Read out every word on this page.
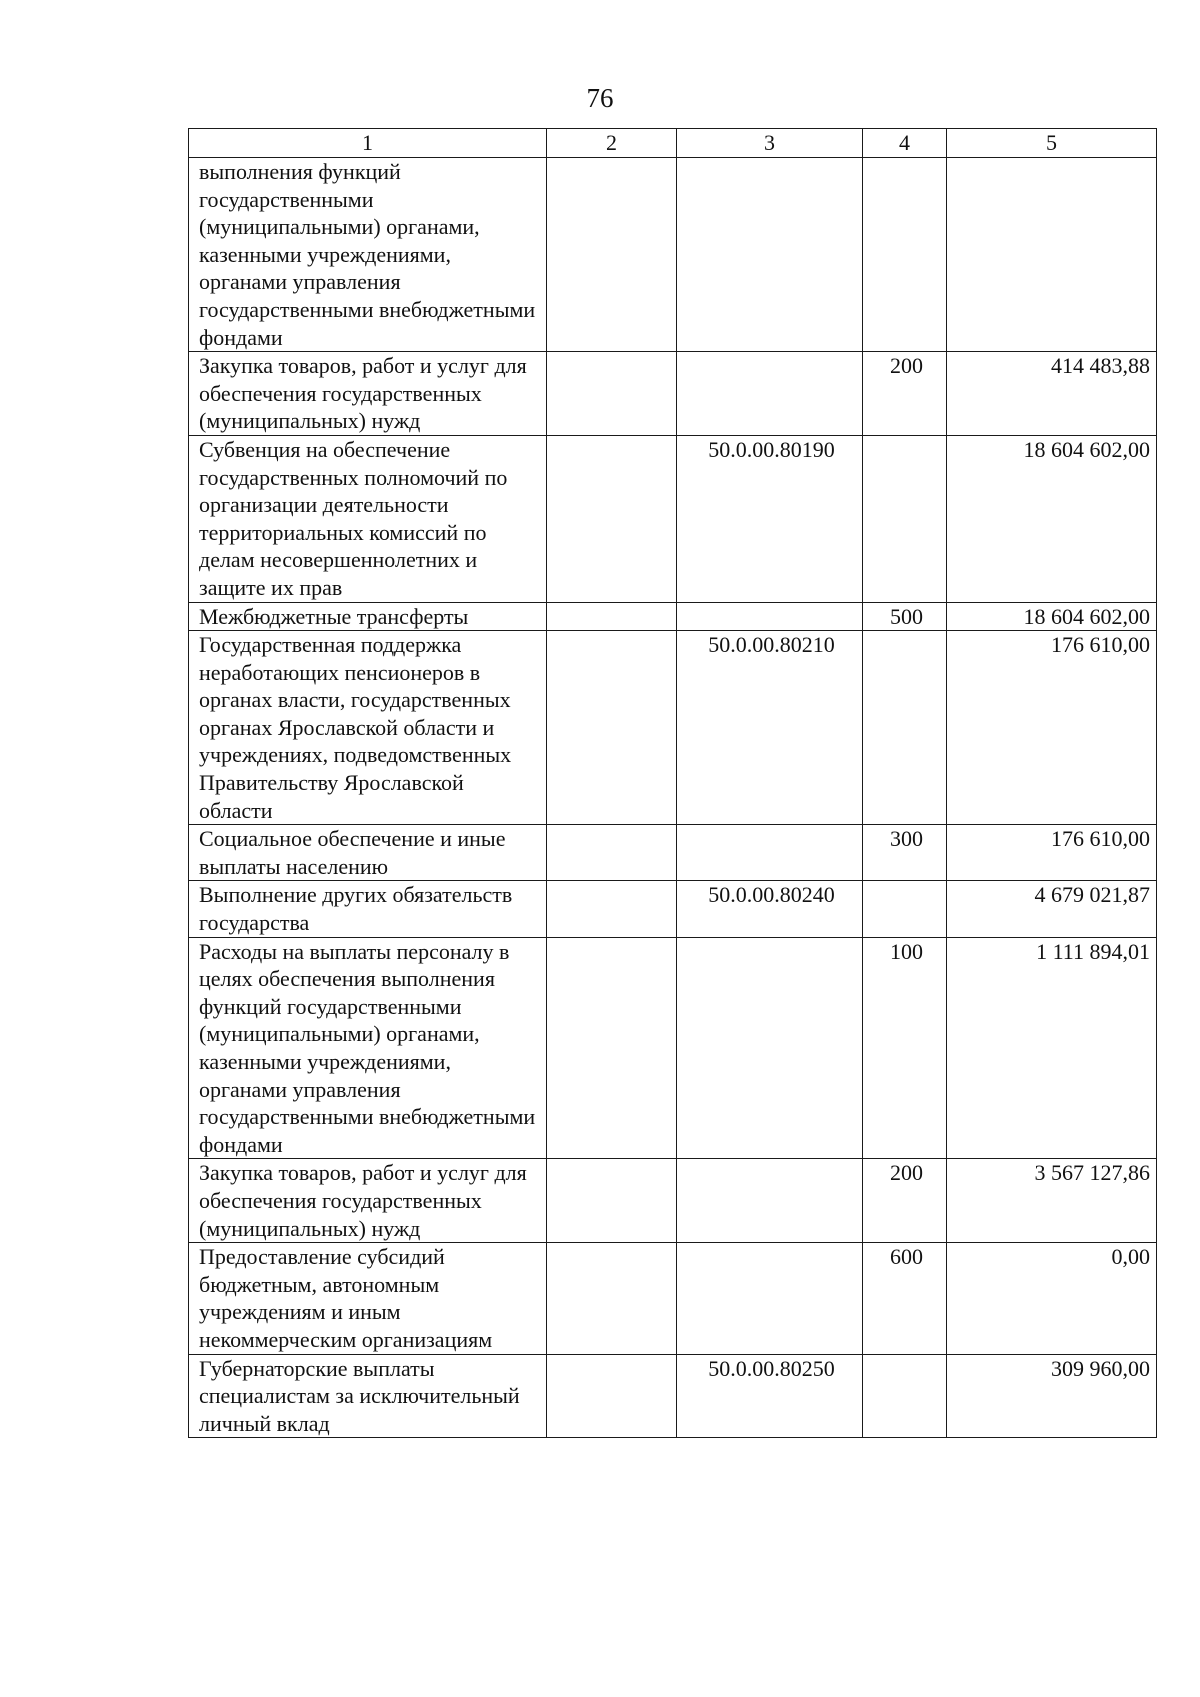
76
1	2	3	4	5
выполнения функций государственными (муниципальными) органами, казенными учреждениями, органами управления государственными внебюджетными фондами				
Закупка товаров, работ и услуг для обеспечения государственных (муниципальных) нужд			200	414 483,88
Субвенция на обеспечение государственных полномочий по организации деятельности территориальных комиссий по делам несовершеннолетних и защите их прав		50.0.00.80190		18 604 602,00
Межбюджетные трансферты			500	18 604 602,00
Государственная поддержка неработающих пенсионеров в органах власти, государственных органах Ярославской области и учреждениях, подведомственных Правительству Ярославской области		50.0.00.80210		176 610,00
Социальное обеспечение и иные выплаты населению			300	176 610,00
Выполнение других обязательств государства		50.0.00.80240		4 679 021,87
Расходы на выплаты персоналу в целях обеспечения выполнения функций государственными (муниципальными) органами, казенными учреждениями, органами управления государственными внебюджетными фондами			100	1 111 894,01
Закупка товаров, работ и услуг для обеспечения государственных (муниципальных) нужд			200	3 567 127,86
Предоставление субсидий бюджетным, автономным учреждениям и иным некоммерческим организациям			600	0,00
Губернаторские выплаты специалистам за исключительный личный вклад		50.0.00.80250		309 960,00
